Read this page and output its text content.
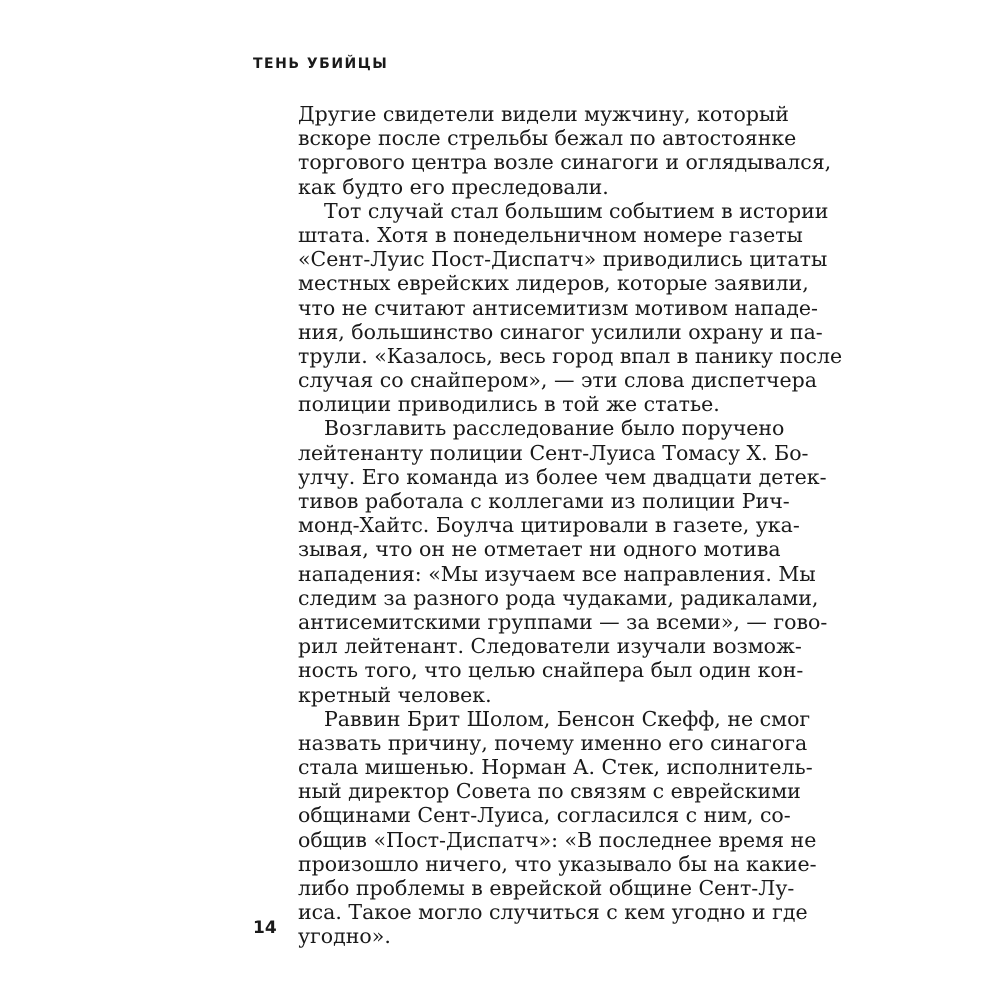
ТЕНЬ УБИЙЦЫ
Другие свидетели видели мужчину, который
вскоре после стрельбы бежал по автостоянке
торгового центра возле синагоги и оглядывался,
как будто его преследовали.
Тот случай стал большим событием в истории
штата. Хотя в понедельничном номере газеты
«Сент-Луис Пост-Диспатч» приводились цитаты
местных еврейских лидеров, которые заявили,
что не считают антисемитизм мотивом нападе-
ния, большинство синагог усилили охрану и па-
трули. «Казалось, весь город впал в панику после
случая со снайпером», — эти слова диспетчера
полиции приводились в той же статье.
Возглавить расследование было поручено
лейтенанту полиции Сент-Луиса Томасу Х. Бо-
улчу. Его команда из более чем двадцати детек-
тивов работала с коллегами из полиции Рич-
монд-Хайтс. Боулча цитировали в газете, ука-
зывая, что он не отметает ни одного мотива
нападения: «Мы изучаем все направления. Мы
следим за разного рода чудаками, радикалами,
антисемитскими группами — за всеми», — гово-
рил лейтенант. Следователи изучали возмож-
ность того, что целью снайпера был один кон-
кретный человек.
Раввин Брит Шолом, Бенсон Скефф, не смог
назвать причину, почему именно его синагога
стала мишенью. Норман А. Стек, исполнитель-
ный директор Совета по связям с еврейскими
общинами Сент-Луиса, согласился с ним, со-
общив «Пост-Диспатч»: «В последнее время не
произошло ничего, что указывало бы на какие-
либо проблемы в еврейской общине Сент-Лу-
иса. Такое могло случиться с кем угодно и где
угодно».
14
